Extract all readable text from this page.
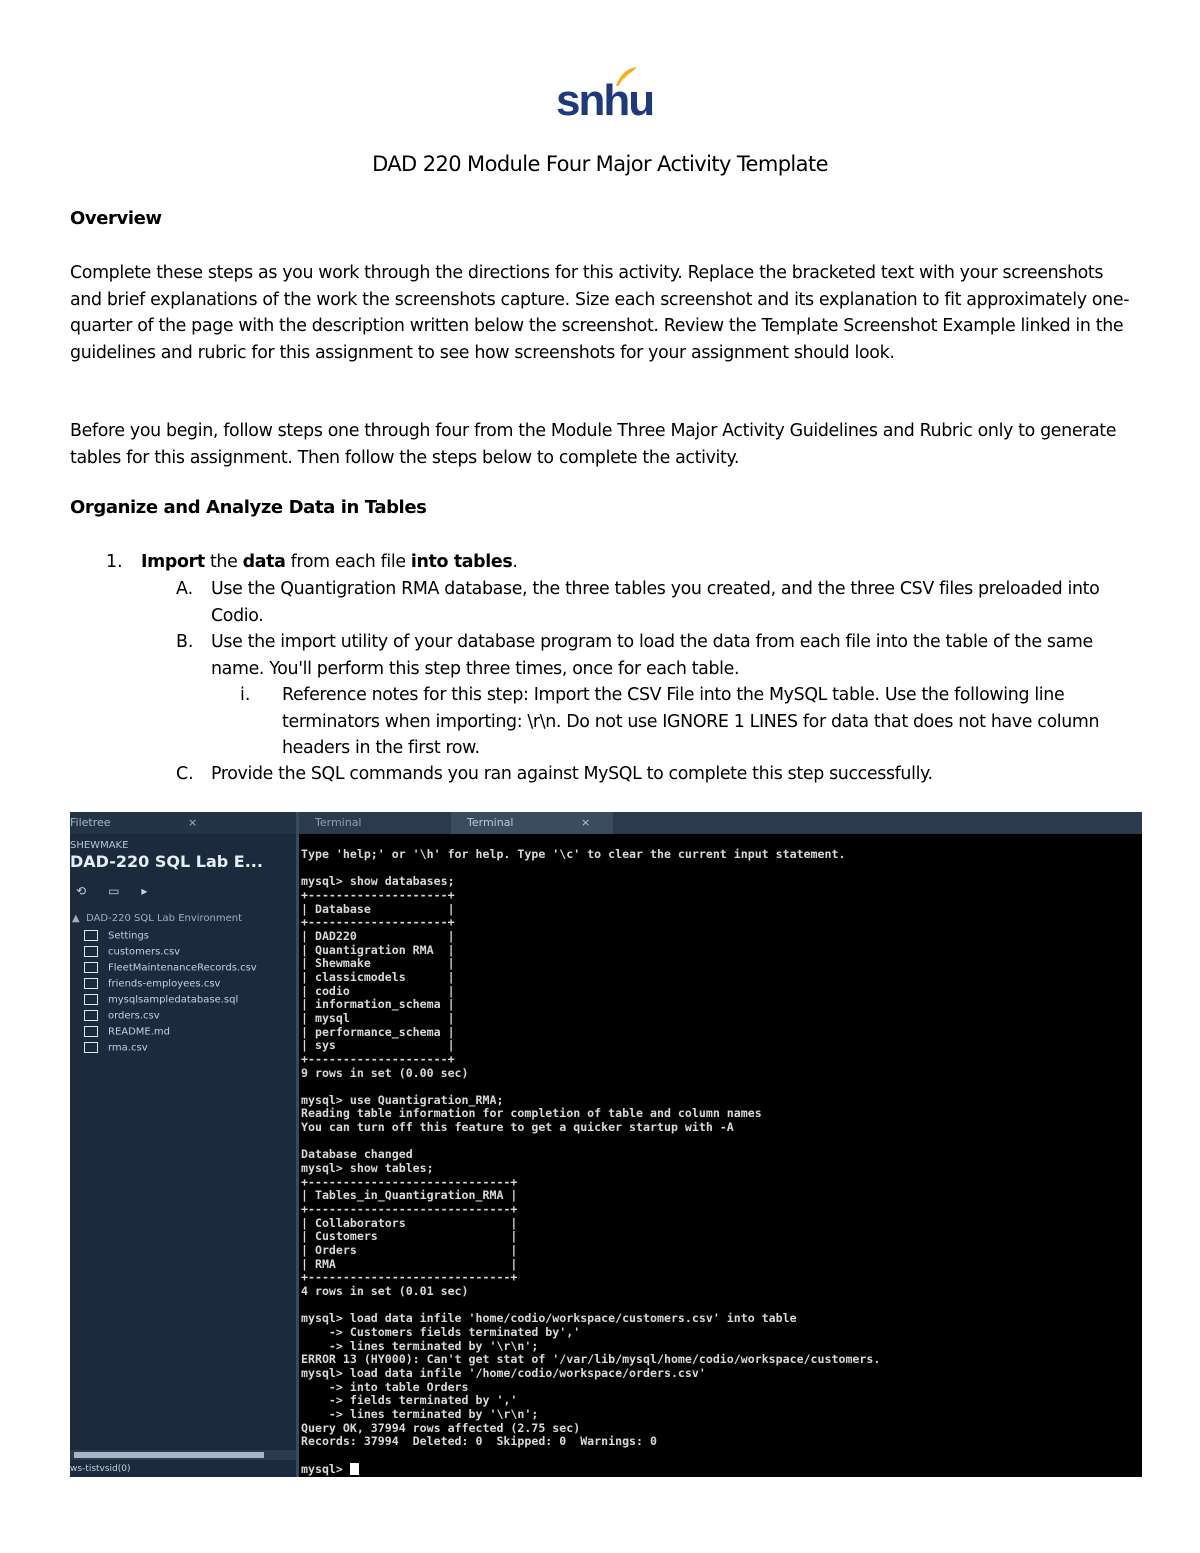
snhu
DAD 220 Module Four Major Activity Template
Overview

Complete these steps as you work through the directions for this activity. Replace the bracketed text with your screenshots and brief explanations of the work the screenshots capture. Size each screenshot and its explanation to fit approximately one-quarter of the page with the description written below the screenshot. Review the Template Screenshot Example linked in the guidelines and rubric for this assignment to see how screenshots for your assignment should look.

Before you begin, follow steps one through four from the Module Three Major Activity Guidelines and Rubric only to generate tables for this assignment. Then follow the steps below to complete the activity.

Organize and Analyze Data in Tables
1. Import the data from each file into tables.
A. Use the Quantigration RMA database, the three tables you created, and the three CSV files preloaded into Codio.
B. Use the import utility of your database program to load the data from each file into the table of the same name. You'll perform this step three times, once for each table.
i. Reference notes for this step: Import the CSV File into the MySQL table. Use the following line terminators when importing: \r\n. Do not use IGNORE 1 LINES for data that does not have column headers in the first row.
C. Provide the SQL commands you ran against MySQL to complete this step successfully.
Filetree	×
SHEWMAKE
DAD-220 SQL Lab E...
⟲ ▭ ▸
▲ DAD-220 SQL Lab Environment
Settings
customers.csv
FleetMaintenanceRecords.csv
friends-employees.csv
mysqlsampledatabase.sql
orders.csv
README.md
rma.csv
ws-tistvsid(0)
Terminal	Terminal	×
Type 'help;' or '\h' for help. Type '\c' to clear the current input statement.

mysql> show databases;
+--------------------+
| Database           |
+--------------------+
| DAD220             |
| Quantigration RMA  |
| Shewmake           |
| classicmodels      |
| codio              |
| information_schema |
| mysql              |
| performance_schema |
| sys                |
+--------------------+
9 rows in set (0.00 sec)

mysql> use Quantigration_RMA;
Reading table information for completion of table and column names
You can turn off this feature to get a quicker startup with -A

Database changed
mysql> show tables;
+-----------------------------+
| Tables_in_Quantigration_RMA |
+-----------------------------+
| Collaborators               |
| Customers                   |
| Orders                      |
| RMA                         |
+-----------------------------+
4 rows in set (0.01 sec)

mysql> load data infile 'home/codio/workspace/customers.csv' into table
-> Customers fields terminated by','
-> lines terminated by '\r\n';
ERROR 13 (HY000): Can't get stat of '/var/lib/mysql/home/codio/workspace/customers.
mysql> load data infile '/home/codio/workspace/orders.csv'
-> into table Orders
-> fields terminated by ','
-> lines terminated by '\r\n';
Query OK, 37994 rows affected (2.75 sec)
Records: 37994  Deleted: 0  Skipped: 0  Warnings: 0

mysql>
